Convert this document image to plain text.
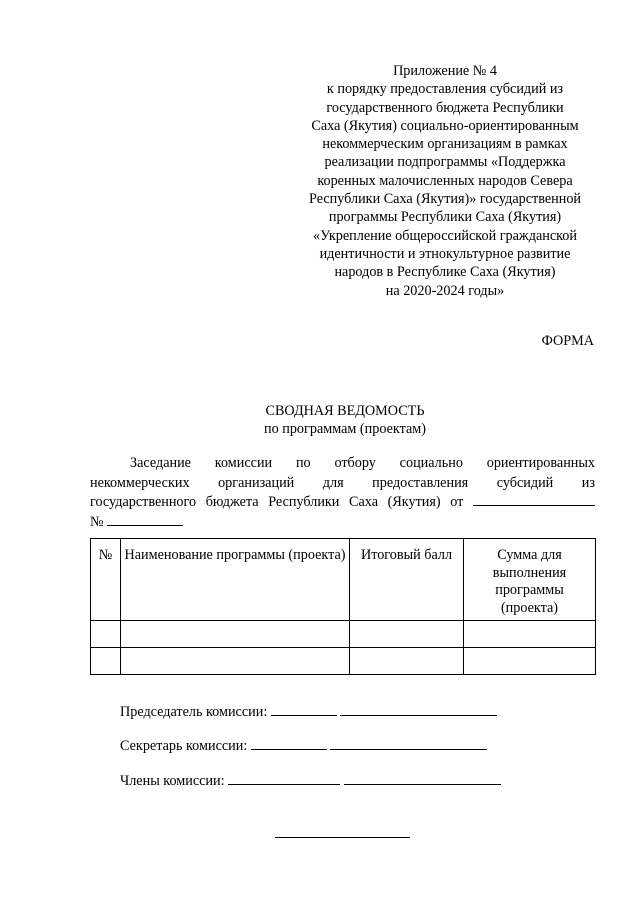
Приложение № 4
к порядку предоставления субсидий из
государственного бюджета Республики
Саха (Якутия) социально-ориентированным
некоммерческим организациям в рамках
реализации подпрограммы «Поддержка
коренных малочисленных народов Севера
Республики Саха (Якутия)» государственной
программы Республики Саха (Якутия)
«Укрепление общероссийской гражданской
идентичности и этнокультурное развитие
народов в Республике Саха (Якутия)
на 2020-2024 годы»
ФОРМА
СВОДНАЯ ВЕДОМОСТЬ
по программам (проектам)
Заседание комиссии по отбору социально ориентированных
некоммерческих организаций для предоставления субсидий из
государственного бюджета Республики Саха (Якутия) от
№
№	Наименование программы (проекта)	Итоговый балл	Сумма для выполнения программы (проекта)

Председатель комиссии:
Секретарь комиссии:
Члены комиссии:
